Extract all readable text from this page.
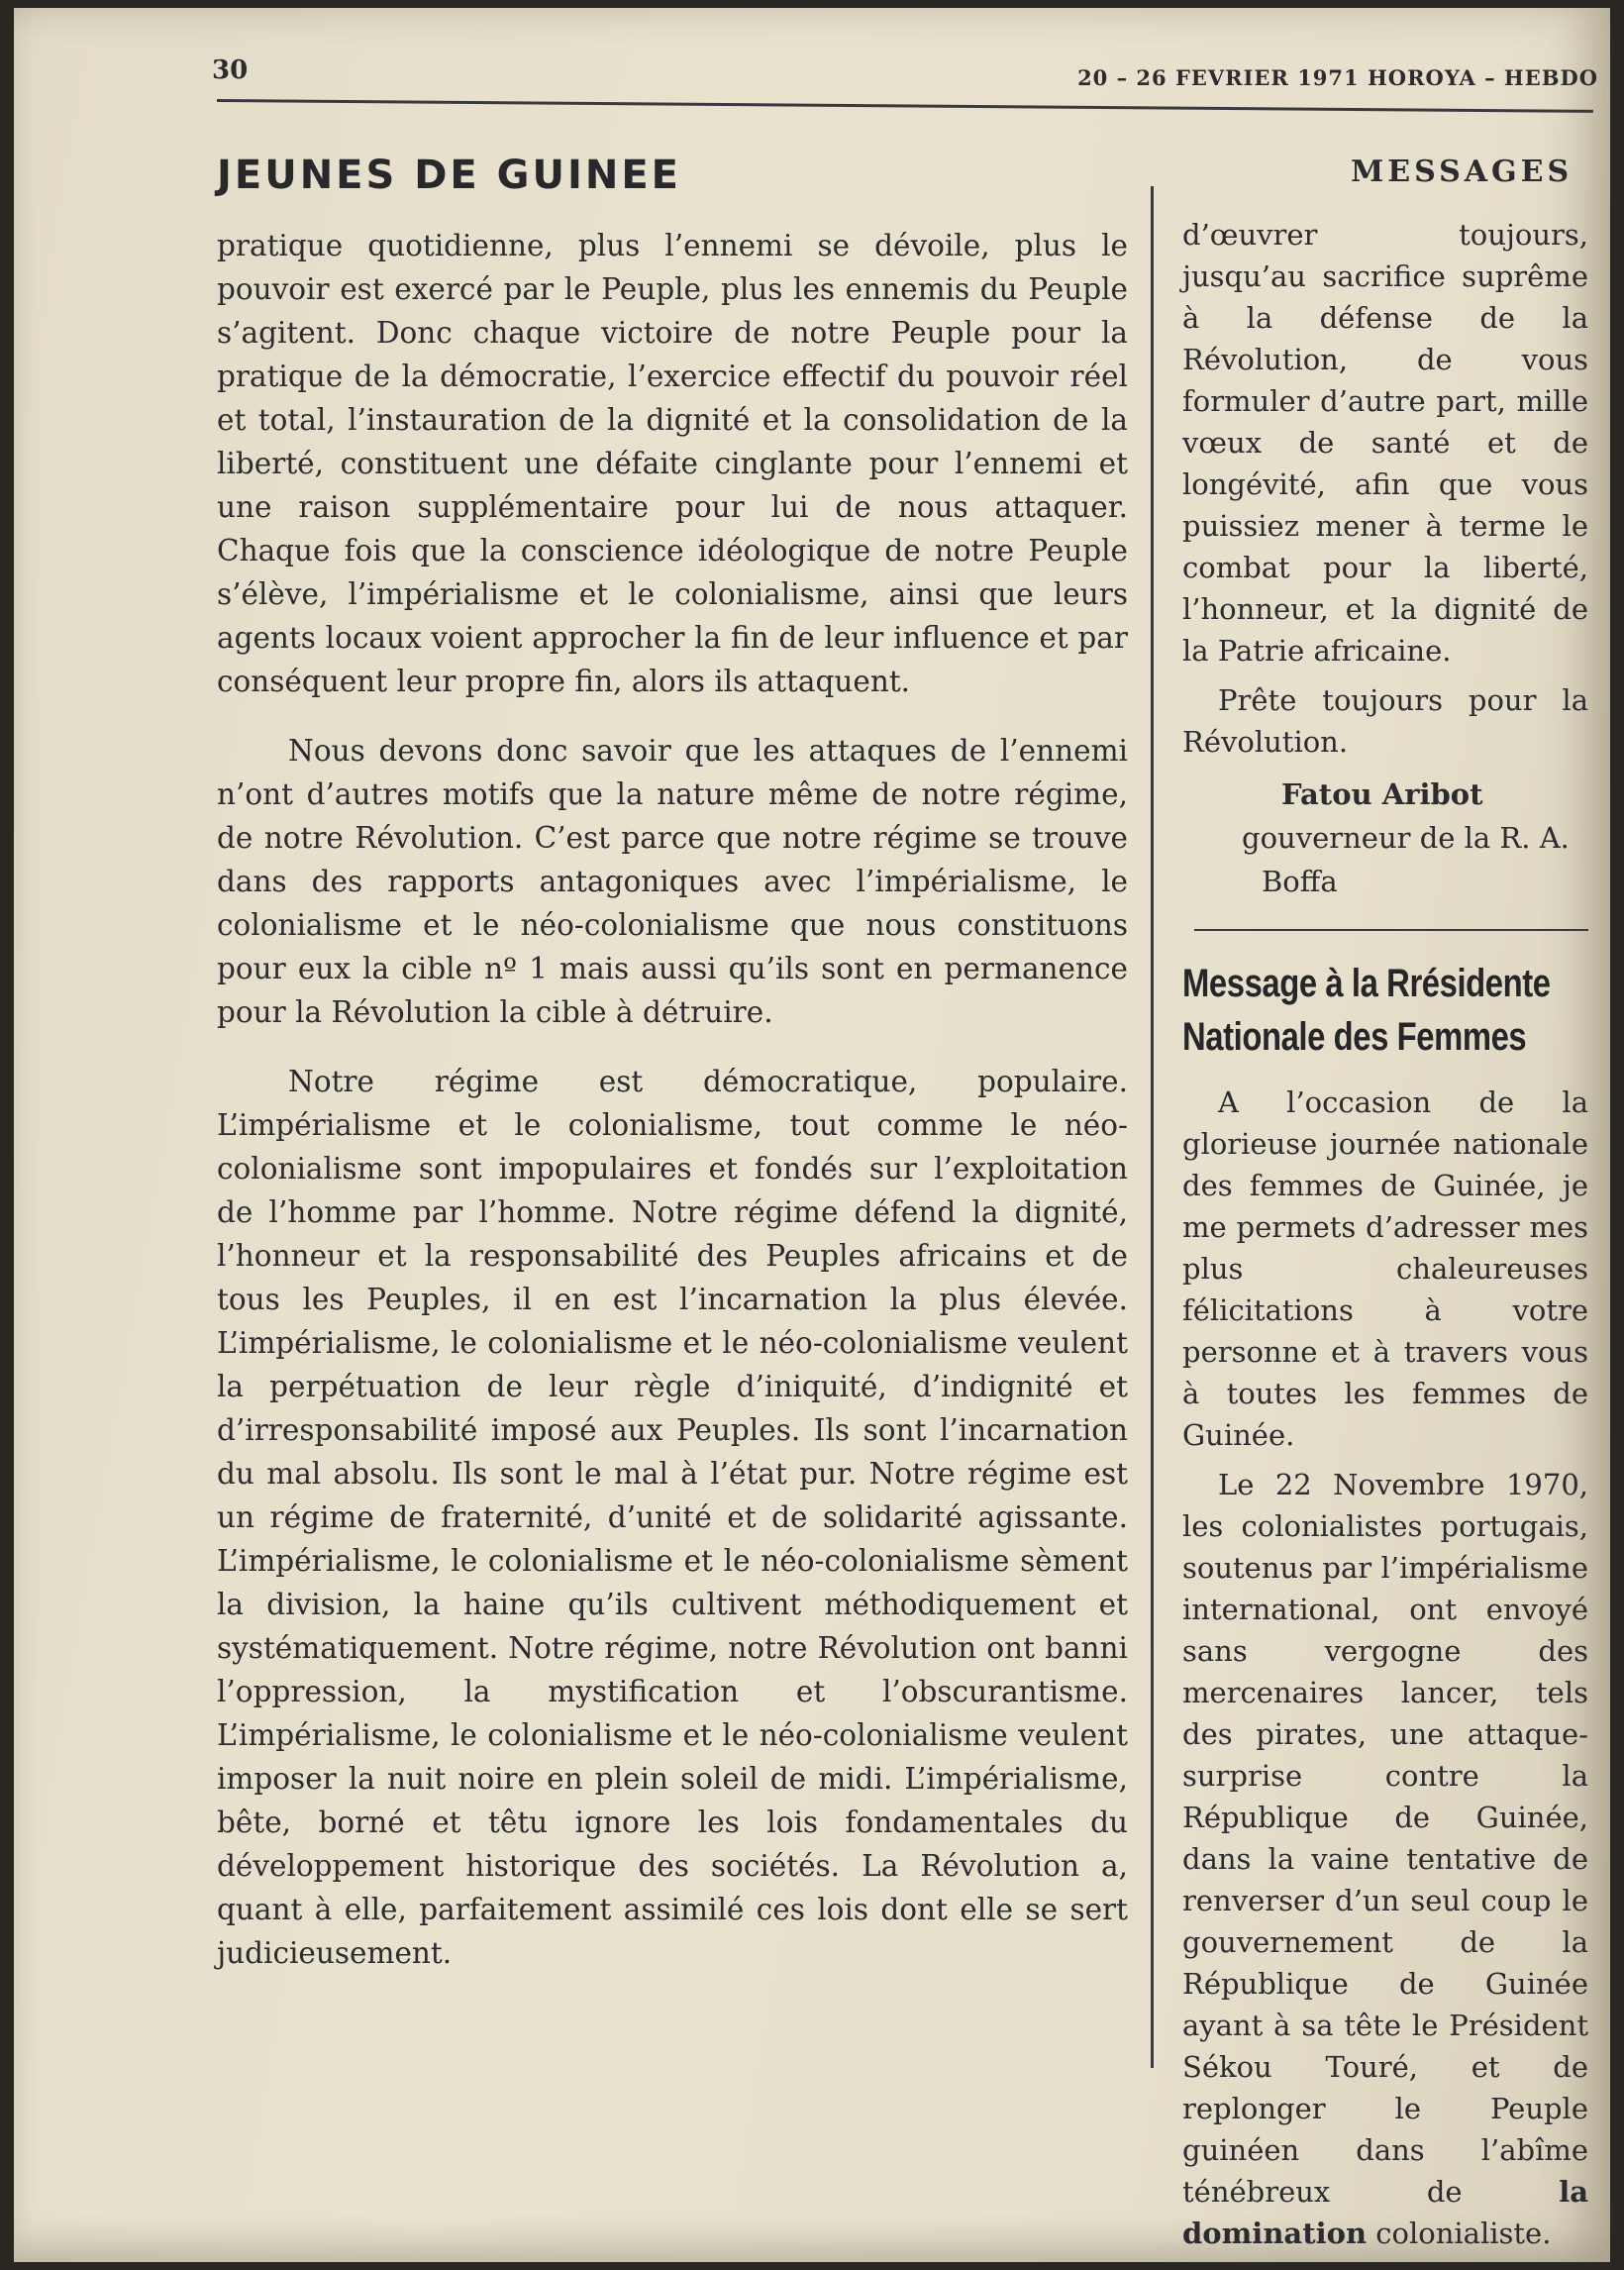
30	20 – 26 FEVRIER 1971 HOROYA – HEBDO
JEUNES DE GUINEE	MESSAGES

pratique quotidienne, plus l’ennemi se dévoile, plus le pouvoir est exercé par le Peuple, plus les ennemis du Peuple s’agitent. Donc chaque victoire de notre Peuple pour la pratique de la démocratie, l’exercice effectif du pouvoir réel et total, l’instauration de la dignité et la consolidation de la liberté, constituent une défaite cinglante pour l’ennemi et une raison supplémentaire pour lui de nous attaquer. Chaque fois que la conscience idéologique de notre Peuple s’élève, l’impérialisme et le colonialisme, ainsi que leurs agents locaux voient approcher la fin de leur influence et par conséquent leur propre fin, alors ils attaquent.

Nous devons donc savoir que les attaques de l’ennemi n’ont d’autres motifs que la nature même de notre régime, de notre Révolution. C’est parce que notre régime se trouve dans des rapports antagoniques avec l’impérialisme, le colonialisme et le néo-colonialisme que nous constituons pour eux la cible nº 1 mais aussi qu’ils sont en permanence pour la Révolution la cible à détruire.

Notre régime est démocratique, populaire. L’impérialisme et le colonialisme, tout comme le néo-colonialisme sont impopulaires et fondés sur l’exploitation de l’homme par l’homme. Notre régime défend la dignité, l’honneur et la responsabilité des Peuples africains et de tous les Peuples, il en est l’incarnation la plus élevée. L’impérialisme, le colonialisme et le néo-colonialisme veulent la perpétuation de leur règle d’iniquité, d’indignité et d’irresponsabilité imposé aux Peuples. Ils sont l’incarnation du mal absolu. Ils sont le mal à l’état pur. Notre régime est un régime de fraternité, d’unité et de solidarité agissante. L’impérialisme, le colonialisme et le néo-colonialisme sèment la division, la haine qu’ils cultivent méthodiquement et systématiquement. Notre régime, notre Révolution ont banni l’oppression, la mystification et l’obscurantisme. L’impérialisme, le colonialisme et le néo-colonialisme veulent imposer la nuit noire en plein soleil de midi. L’impérialisme, bête, borné et têtu ignore les lois fondamentales du développement historique des sociétés. La Révolution a, quant à elle, parfaitement assimilé ces lois dont elle se sert judicieusement.

d’œuvrer toujours, jusqu’au sacrifice suprême à la défense de la Révolution, de vous formuler d’autre part, mille vœux de santé et de longévité, afin que vous puissiez mener à terme le combat pour la liberté, l’honneur, et la dignité de la Patrie africaine.

Prête toujours pour la Révolution.

Fatou Aribot
gouverneur de la R. A.
Boffa
Message à la Rrésidente
Nationale des Femmes

A l’occasion de la glorieuse journée nationale des femmes de Guinée, je me permets d’adresser mes plus chaleureuses félicitations à votre personne et à travers vous à toutes les femmes de Guinée.

Le 22 Novembre 1970, les colonialistes portugais, soutenus par l’impérialisme international, ont envoyé sans vergogne des mercenaires lancer, tels des pirates, une attaque-surprise contre la République de Guinée, dans la vaine tentative de renverser d’un seul coup le gouvernement de la République de Guinée ayant à sa tête le Président Sékou Touré, et de replonger le Peuple guinéen dans l’abîme ténébreux de	la domination colonialiste.
